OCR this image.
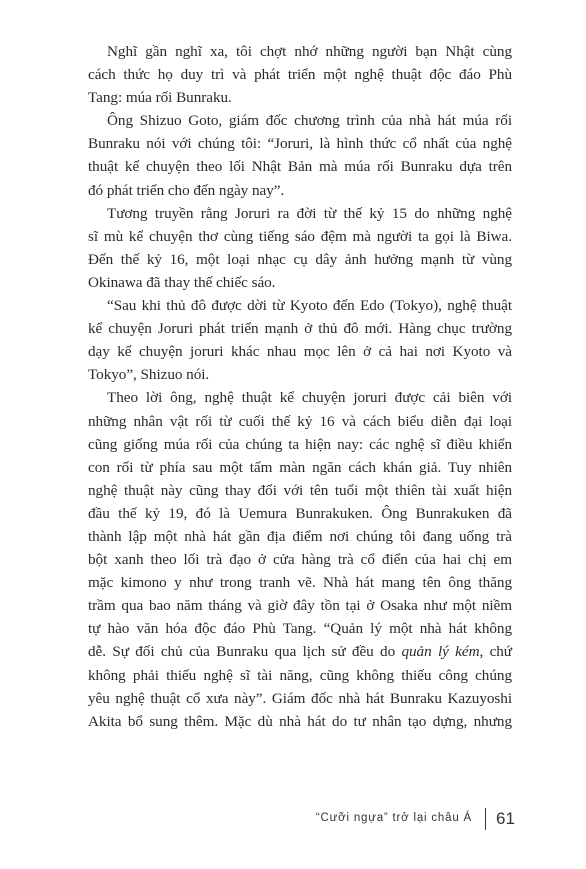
Nghĩ gần nghĩ xa, tôi chợt nhớ những người bạn Nhật cùng
cách thức họ duy trì và phát triển một nghệ thuật độc đáo Phù
Tang: múa rối Bunraku.

Ông Shizuo Goto, giám đốc chương trình của nhà hát múa rối
Bunraku nói với chúng tôi: “Joruri, là hình thức cổ nhất của nghệ
thuật kể chuyện theo lối Nhật Bản mà múa rối Bunraku dựa trên
đó phát triển cho đến ngày nay”.

Tương truyền rằng Joruri ra đời từ thế kỷ 15 do những nghệ
sĩ mù kể chuyện thơ cùng tiếng sáo đệm mà người ta gọi là Biwa.
Đến thế kỷ 16, một loại nhạc cụ dây ảnh hưởng mạnh từ vùng
Okinawa đã thay thế chiếc sáo.

“Sau khi thủ đô được dời từ Kyoto đến Edo (Tokyo), nghệ thuật
kể chuyện Joruri phát triển mạnh ở thủ đô mới. Hàng chục trường
dạy kể chuyện joruri khác nhau mọc lên ở cả hai nơi Kyoto và
Tokyo”, Shizuo nói.

Theo lời ông, nghệ thuật kể chuyện joruri được cải biên với
những nhân vật rối từ cuối thế kỷ 16 và cách biểu diễn đại loại
cũng giống múa rối của chúng ta hiện nay: các nghệ sĩ điều khiển
con rối từ phía sau một tấm màn ngăn cách khán giả. Tuy nhiên
nghệ thuật này cũng thay đổi với tên tuổi một thiên tài xuất hiện
đầu thế kỷ 19, đó là Uemura Bunrakuken. Ông Bunrakuken đã
thành lập một nhà hát gần địa điểm nơi chúng tôi đang uống trà
bột xanh theo lối trà đạo ở cửa hàng trà cổ điển của hai chị em
mặc kimono y như trong tranh vẽ. Nhà hát mang tên ông thăng
trầm qua bao năm tháng và giờ đây tồn tại ở Osaka như một niềm
tự hào văn hóa độc đáo Phù Tang. “Quản lý một nhà hát không
dễ. Sự đổi chủ của Bunraku qua lịch sử đều do quản lý kém, chứ
không phải thiếu nghệ sĩ tài năng, cũng không thiếu công chúng
yêu nghệ thuật cổ xưa này”. Giám đốc nhà hát Bunraku Kazuyoshi
Akita bổ sung thêm. Mặc dù nhà hát do tư nhân tạo dựng, nhưng

“Cưỡi ngựa” trở lại châu Á 61
